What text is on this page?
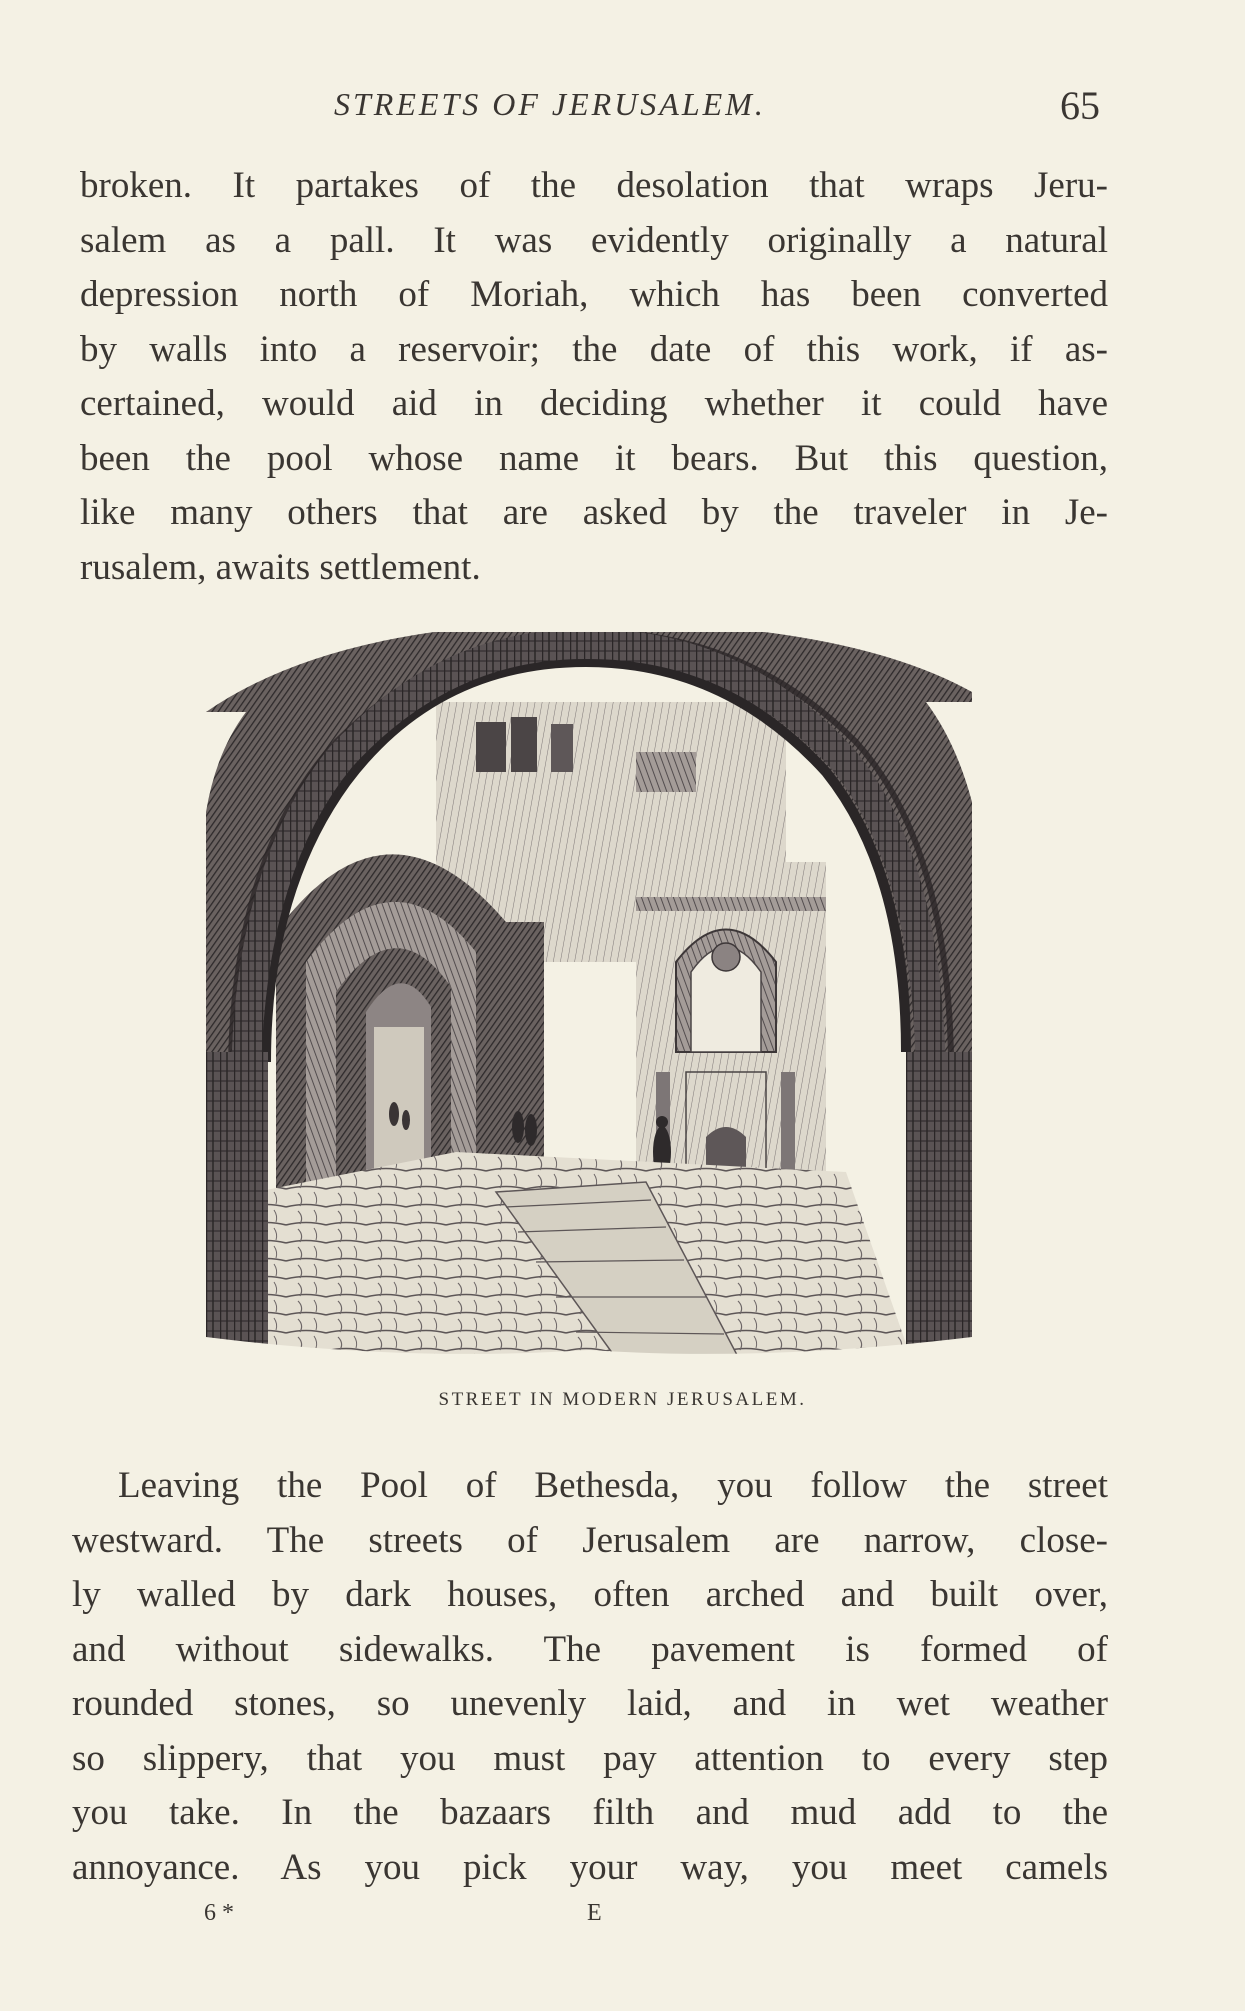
STREETS OF JERUSALEM.	65

broken. It partakes of the desolation that wraps Jeru-
salem as a pall. It was evidently originally a natural
depression north of Moriah, which has been converted
by walls into a reservoir; the date of this work, if as-
certained, would aid in deciding whether it could have
been the pool whose name it bears. But this question,
like many others that are asked by the traveler in Je-
rusalem, awaits settlement.

STREET IN MODERN JERUSALEM.

Leaving the Pool of Bethesda, you follow the street
westward. The streets of Jerusalem are narrow, close-
ly walled by dark houses, often arched and built over,
and without sidewalks. The pavement is formed of
rounded stones, so unevenly laid, and in wet weather
so slippery, that you must pay attention to every step
you take. In the bazaars filth and mud add to the
annoyance. As you pick your way, you meet camels

6 *	E
